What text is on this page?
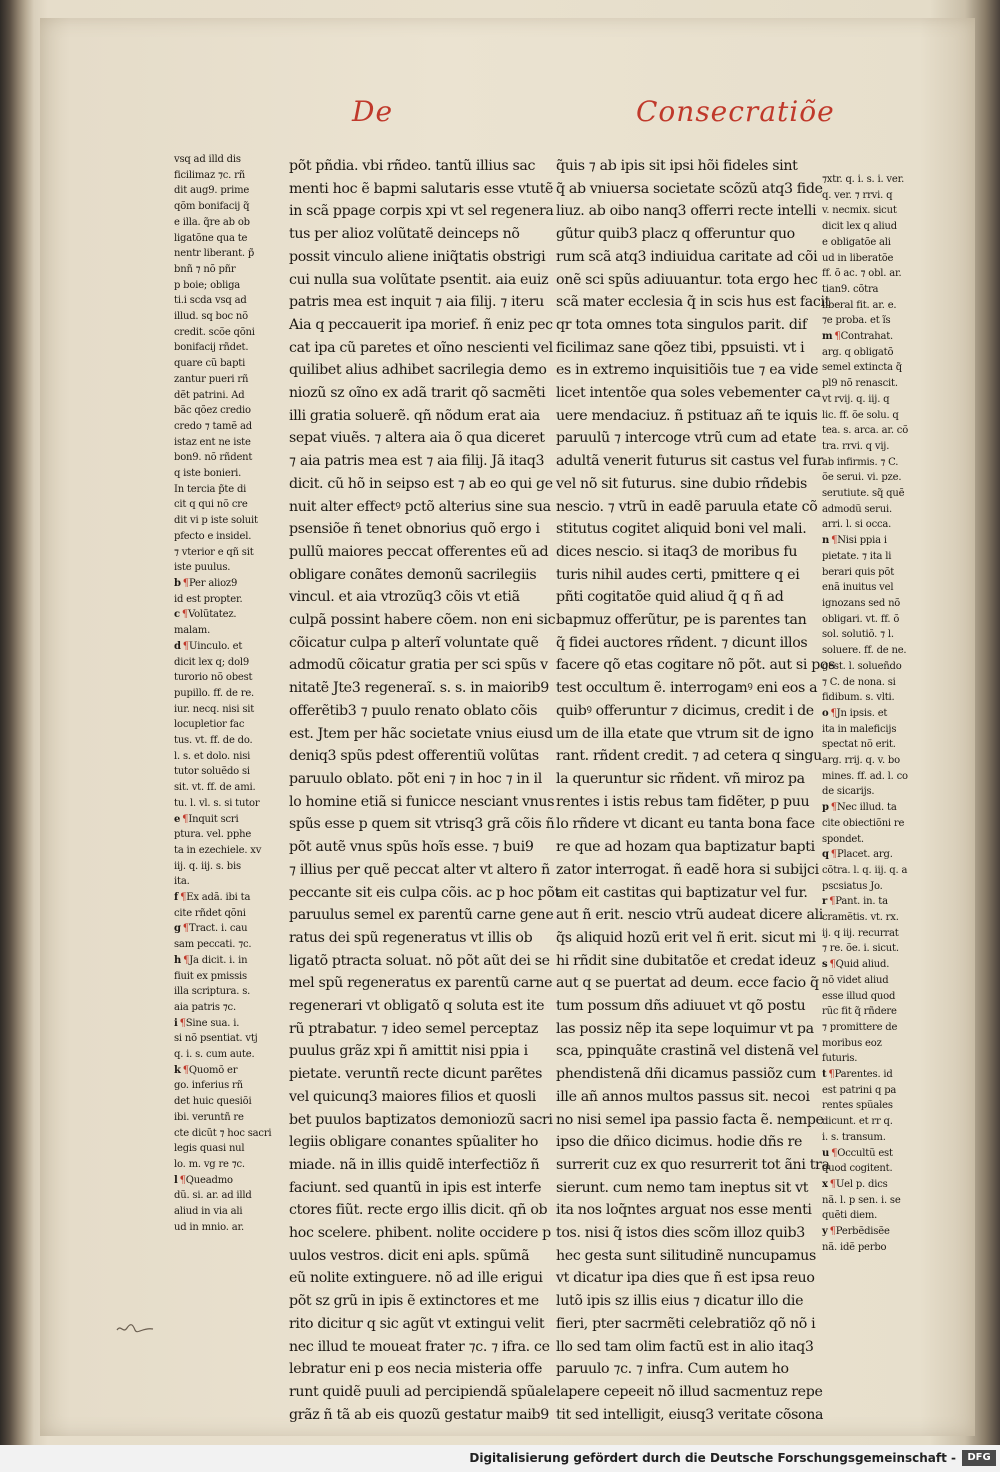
De	Consecratiõe
vsq ad illd dis
ficilimaz ⁊c. rñ
dit aug9. prime
qõm bonifacij q̃
e illa. q̃re ab ob
ligatõne qua te
nentr liberant. p̃
bnñ ⁊ nõ pñr
p boie; obliga
ti.i scda vsq ad
illud. sq boc nõ
credit. scõe qõni
bonifacij rñdet.
quare cũ bapti
zantur pueri rñ
dẽt patrini. Ad
bãc qõez credio
credo ⁊ tamẽ ad
istaz ent ne iste
bon9. nõ rñdent
q iste bonieri.
In tercia p̃te di
cit q qui nõ cre
dit vi p iste soluit
pfecto e insidel.
⁊ vterior e qñ sit
iste puulus.
b ¶Per alioz9
id est propter.
c ¶Volũtatez.
malam.
d ¶Uinculo. et
dicit lex q; dol9
turorio nõ obest
pupillo. ff. de re.
iur. necq. nisi sit
locupletior fac
tus. vt. ff. de do.
l. s. et dolo. nisi
tutor soluẽdo si
sit. vt. ff. de ami.
tu. l. vl. s. si tutor
e ¶Inquit scri
ptura. vel. pphe
ta in ezechiele. xv
iij. q. iij. s. bis
ita.
f ¶Ex adã. ibi ta
cite rñdet qõni
g ¶Tract. i. cau
sam peccati. ⁊c.
h ¶Ja dicit. i. in
fiuit ex pmissis
illa scriptura. s.
aia patris ⁊c.
i ¶Sine sua. i.
si nõ psentiat. vtj
q. i. s. cum aute.
k ¶Quomõ er
go. inferius rñ
det huic quesiõi
ibi. veruntñ re
cte dicũt ⁊ hoc sacri
legis quasi nul
lo. m. vg re ⁊c.
l ¶Queadmo
dũ. si. ar. ad illd
aliud in via ali
ud in mnio. ar.
põt pñdia. vbi rñdeo. tantũ illius sac
menti hoc ẽ bapmi salutaris esse vtutẽ
in scã ppage corpis xpi vt sel regenera
tus per alioz volũtatẽ deinceps nõ
possit vinculo aliene iniq̃tatis obstrigi
cui nulla sua volũtate psentit. aia euiz
patris mea est inquit ⁊ aia filij. ⁊ iteru
Aia q peccauerit ipa morief. ñ eniz pec
cat ipa cũ paretes et oĩno nescienti vel
quilibet alius adhibet sacrilegia demo
niozũ sz oĩno ex adã trarit qõ sacmẽti
illi gratia soluerẽ. qñ nõdum erat aia
sepat viuẽs. ⁊ altera aia õ qua diceret
⁊ aia patris mea est ⁊ aia filij. Jã itaq3
dicit. cũ hõ in seipso est ⁊ ab eo qui ge
nuit alter effectꝰ pctõ alterius sine sua
psensiõe ñ tenet obnorius quõ ergo i
pullũ maiores peccat offerentes eũ ad
obligare conãtes demonũ sacrilegiis
vincul. et aia vtrozũq3 cõis vt etiã
culpã possint habere cõem. non eni sic
cõicatur culpa p alterĩ voluntate quẽ
admodũ cõicatur gratia per sci spũs v
nitatẽ Jte3 regeneraĩ. s. s. in maiorib9
offerẽtib3 ⁊ puulo renato oblato cõis
est. Jtem per hãc societate vnius eiusd
deniq3 spũs pdest offerentiũ volũtas
paruulo oblato. põt eni ⁊ in hoc ⁊ in il
lo homine etiã si funicce nesciant vnus
spũs esse p quem sit vtrisq3 grã cõis ñ
põt autẽ vnus spũs hoĩs esse. ⁊ bui9
⁊ illius per quẽ peccat alter vt altero ñ
peccante sit eis culpa cõis. ac p hoc põt
paruulus semel ex parentũ carne gene
ratus dei spũ regeneratus vt illis ob
ligatõ ptracta soluat. nõ põt aũt dei se
mel spũ regeneratus ex parentũ carne
regenerari vt obligatõ q soluta est ite
rũ ptrabatur. ⁊ ideo semel perceptaz
puulus grãz xpi ñ amittit nisi ppia i
pietate. veruntñ recte dicunt parẽtes
vel quicunq3 maiores filios et quosli
bet puulos baptizatos demoniozũ sacri
legiis obligare conantes spũaliter ho
miade. nã in illis quidẽ interfectiõz ñ
faciunt. sed quantũ in ipis est interfe
ctores fiũt. recte ergo illis dicit. qñ ob
hoc scelere. phibent. nolite occidere p
uulos vestros. dicit eni apls. spũmã
eũ nolite extinguere. nõ ad ille erigui
põt sz grũ in ipis ẽ extinctores et me
rito dicitur q sic agũt vt extingui velit
nec illud te moueat frater ⁊c. ⁊ ifra. ce
lebratur eni p eos necia misteria offe
runt quidẽ puuli ad percipiendã spũale
grãz ñ tã ab eis quozũ gestatur maib9
q̃uis ⁊ ab ipis sit ipsi hõi fideles sint
q̃ ab vniuersa societate scõzũ atq3 fide
liuz. ab oibo nanq3 offerri recte intelli
gũtur quib3 placz q offeruntur quo
rum scã atq3 indiuidua caritate ad cõi
onẽ sci spũs adiuuantur. tota ergo hec
scã mater ecclesia q̃ in scis hus est facit
qr tota omnes tota singulos parit. dif
ficilimaz sane qõez tibi, ppsuisti. vt i
es in extremo inquisitiõis tue ⁊ ea vide
licet intentõe qua soles vebementer ca
uere mendaciuz. ñ pstituaz añ te iquis
paruulũ ⁊ intercoge vtrũ cum ad etate
adultã venerit futurus sit castus vel fur
vel nõ sit futurus. sine dubio rñdebis
nescio. ⁊ vtrũ in eadẽ paruula etate cõ
stitutus cogitet aliquid boni vel mali.
dices nescio. si itaq3 de moribus fu
turis nihil audes certi, pmittere q ei
pñti cogitatõe quid aliud q̃ q ñ ad
bapmuz offerũtur, pe is parentes tan
q̃ fidei auctores rñdent. ⁊ dicunt illos
facere qõ etas cogitare nõ põt. aut si pos
test occultum ẽ. interrogamꝰ eni eos a
quibꝰ offeruntur ⁊ dicimus, credit i de
um de illa etate que vtrum sit de igno
rant. rñdent credit. ⁊ ad cetera q singu
la queruntur sic rñdent. vñ miroz pa
rentes i istis rebus tam fidẽter, p puu
lo rñdere vt dicant eu tanta bona face
re que ad hozam qua baptizatur bapti
zator interrogat. ñ eadẽ hora si subijci
am eit castitas qui baptizatur vel fur.
aut ñ erit. nescio vtrũ audeat dicere ali
q̃s aliquid hozũ erit vel ñ erit. sicut mi
hi rñdit sine dubitatõe et credat ideuz
aut q se puertat ad deum. ecce facio q̃
tum possum dñs adiuuet vt qõ postu
las possiz nẽp ita sepe loquimur vt pa
sca, ppinquãte crastinã vel distenã vel
phendistenã dñi dicamus passiõz cum
ille añ annos multos passus sit. necoi
no nisi semel ipa passio facta ẽ. nempe
ipso die dñico dicimus. hodie dñs re
surrerit cuz ex quo resurrerit tot ãni tra
sierunt. cum nemo tam ineptus sit vt
ita nos loq̃ntes arguat nos esse menti
tos. nisi q̃ istos dies scõm illoz quib3
hec gesta sunt silitudinẽ nuncupamus
vt dicatur ipa dies que ñ est ipsa reuo
lutõ ipis sz illis eius ⁊ dicatur illo die
fieri, pter sacrmẽti celebratiõz qõ nõ i
llo sed tam olim factũ est in alio itaq3
paruulo ⁊c. ⁊ infra. Cum autem ho
lapere cepeeit nõ illud sacmentuz repe
tit sed intelligit, eiusq3 veritate cõsona
⁊xtr. q. i. s. i. ver.
q. ver. ⁊ rrvi. q
v. necmix. sicut
dicit lex q aliud
e obligatõe ali
ud in liberatõe
ff. õ ac. ⁊ obl. ar.
tian9. cõtra
liberal fit. ar. e.
⁊e proba. et ĩs
m ¶Contrahat.
arg. q obligatõ
semel extincta q̃
pl9 nõ renascit.
vt rvij. q. iij. q
lic. ff. õe solu. q
tea. s. arca. ar. cõ
tra. rrvi. q vij.
ab infirmis. ⁊ C.
õe serui. vi. pze.
serutiute. sq̃ quẽ
admodũ serui.
arri. l. si occa.
n ¶Nisi ppia i
pietate. ⁊ ita li
berari quis põt
enã inuitus vel
ignozans sed nõ
obligari. vt. ff. õ
sol. solutiõ. ⁊ l.
soluere. ff. de ne.
gest. l. solueñdo
⁊ C. de nona. si
fidibum. s. vlti.
o ¶Jn ipsis. et
ita in maleficijs
spectat nõ erit.
arg. rrij. q. v. bo
mines. ff. ad. l. co
de sicarijs.
p ¶Nec illud. ta
cite obiectiõni re
spondet.
q ¶Placet. arg.
cõtra. l. q. iij. q. a
pscsiatus Jo.
r ¶Pant. in. ta
cramẽtis. vt. rx.
ij. q iij. recurrat
⁊ re. õe. i. sicut.
s ¶Quid aliud.
nõ videt aliud
esse illud quod
rũc fit q̃ rñdere
⁊ promittere de
moribus eoz
futuris.
t ¶Parentes. id
est patrini q pa
rentes spũales
dicunt. et rr q.
i. s. transum.
u ¶Occultũ est
quod cogitent.
x ¶Uel p. dics
nã. l. p sen. i. se
quẽti diem.
y ¶Perbẽdisẽe
nã. idẽ perbo
Digitalisierung gefördert durch die Deutsche Forschungsgemeinschaft -	DFG
